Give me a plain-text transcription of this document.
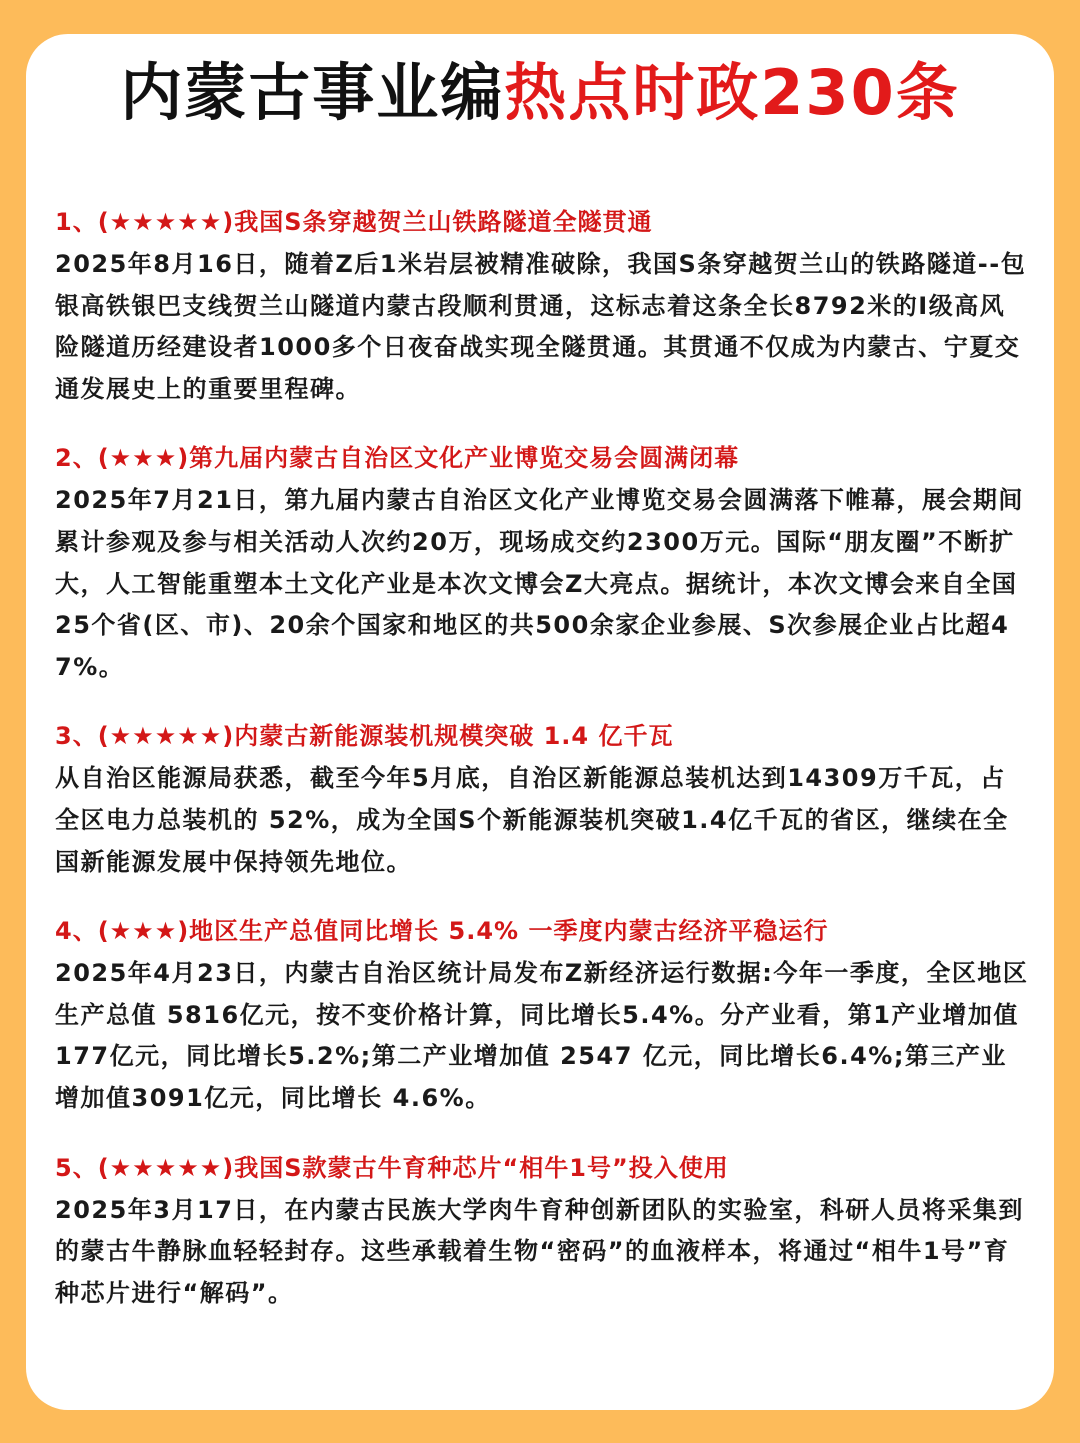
内蒙古事业编热点时政230条
1、(★★★★★)我国S条穿越贺兰山铁路隧道全隧贯通

2025年8月16日，随着Z后1米岩层被精准破除，我国S条穿越贺兰山的铁路隧道--包银高铁银巴支线贺兰山隧道内蒙古段顺利贯通，这标志着这条全长8792米的I级高风险隧道历经建设者1000多个日夜奋战实现全隧贯通。其贯通不仅成为内蒙古、宁夏交通发展史上的重要里程碑。

2、(★★★)第九届内蒙古自治区文化产业博览交易会圆满闭幕

2025年7月21日，第九届内蒙古自治区文化产业博览交易会圆满落下帷幕，展会期间累计参观及参与相关活动人次约20万，现场成交约2300万元。国际“朋友圈”不断扩大，人工智能重塑本土文化产业是本次文博会Z大亮点。据统计，本次文博会来自全国25个省(区、市)、20余个国家和地区的共500余家企业参展、S次参展企业占比超47%。

3、(★★★★★)内蒙古新能源装机规模突破 1.4 亿千瓦

从自治区能源局获悉，截至今年5月底，自治区新能源总装机达到14309万千瓦，占全区电力总装机的 52%，成为全国S个新能源装机突破1.4亿千瓦的省区，继续在全国新能源发展中保持领先地位。

4、(★★★)地区生产总值同比增长 5.4% 一季度内蒙古经济平稳运行

2025年4月23日，内蒙古自治区统计局发布Z新经济运行数据:今年一季度，全区地区生产总值 5816亿元，按不变价格计算，同比增长5.4%。分产业看，第1产业增加值177亿元，同比增长5.2%;第二产业增加值 2547 亿元，同比增长6.4%;第三产业增加值3091亿元，同比增长 4.6%。

5、(★★★★★)我国S款蒙古牛育种芯片“相牛1号”投入使用

2025年3月17日，在内蒙古民族大学肉牛育种创新团队的实验室，科研人员将采集到的蒙古牛静脉血轻轻封存。这些承载着生物“密码”的血液样本，将通过“相牛1号”育种芯片进行“解码”。
